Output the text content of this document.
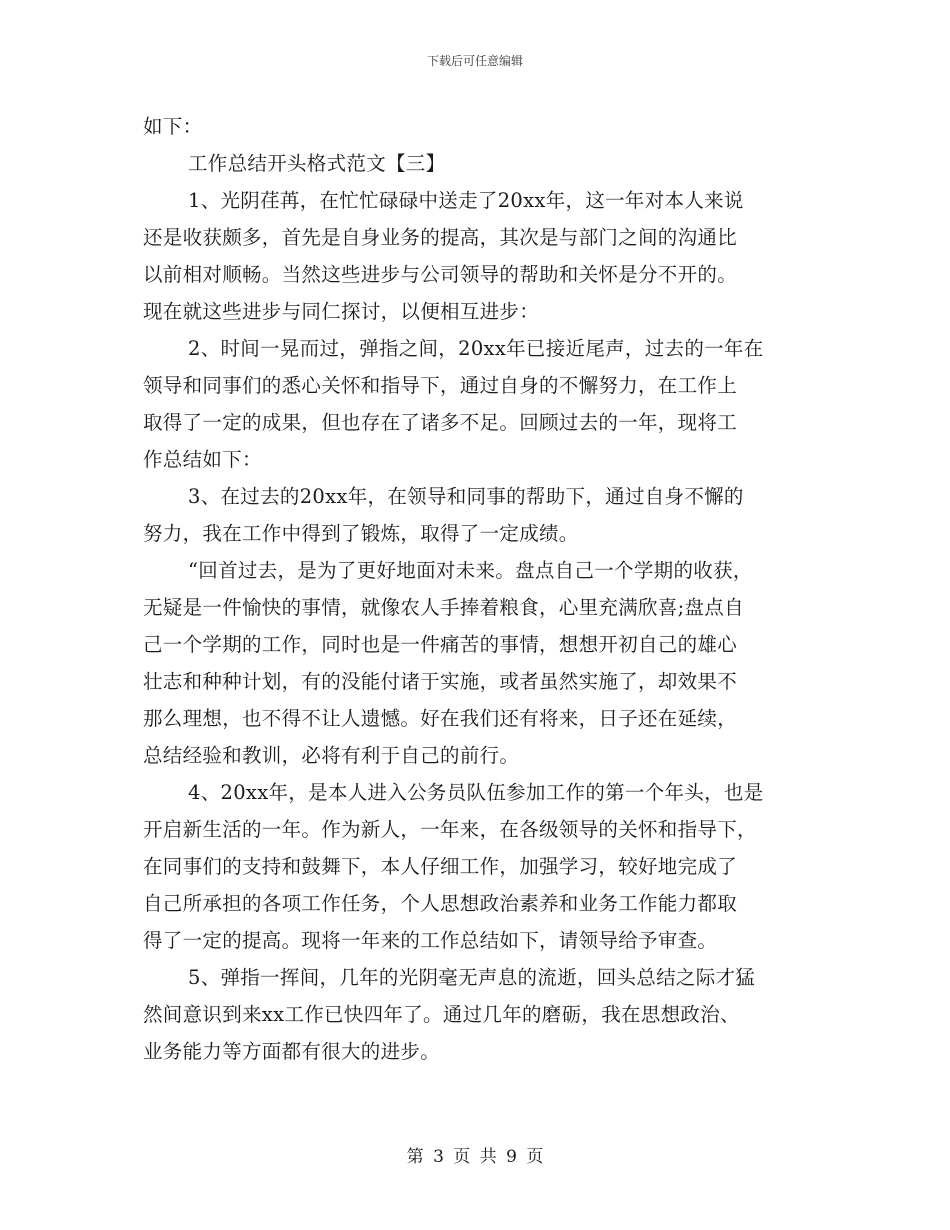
下载后可任意编辑
如下：
工作总结开头格式范文【三】
1、光阴荏苒，在忙忙碌碌中送走了20xx年，这一年对本人来说
还是收获颇多，首先是自身业务的提高，其次是与部门之间的沟通比
以前相对顺畅。当然这些进步与公司领导的帮助和关怀是分不开的。
现在就这些进步与同仁探讨，以便相互进步：
2、时间一晃而过，弹指之间，20xx年已接近尾声，过去的一年在
领导和同事们的悉心关怀和指导下，通过自身的不懈努力，在工作上
取得了一定的成果，但也存在了诸多不足。回顾过去的一年，现将工
作总结如下：
3、在过去的20xx年，在领导和同事的帮助下，通过自身不懈的
努力，我在工作中得到了锻炼，取得了一定成绩。
“回首过去，是为了更好地面对未来。盘点自己一个学期的收获，
无疑是一件愉快的事情，就像农人手捧着粮食，心里充满欣喜;盘点自
己一个学期的工作，同时也是一件痛苦的事情，想想开初自己的雄心
壮志和种种计划，有的没能付诸于实施，或者虽然实施了，却效果不
那么理想，也不得不让人遗憾。好在我们还有将来，日子还在延续，
总结经验和教训，必将有利于自己的前行。
4、20xx年，是本人进入公务员队伍参加工作的第一个年头，也是
开启新生活的一年。作为新人，一年来，在各级领导的关怀和指导下，
在同事们的支持和鼓舞下，本人仔细工作，加强学习，较好地完成了
自己所承担的各项工作任务，个人思想政治素养和业务工作能力都取
得了一定的提高。现将一年来的工作总结如下，请领导给予审查。
5、弹指一挥间，几年的光阴毫无声息的流逝，回头总结之际才猛
然间意识到来xx工作已快四年了。通过几年的磨砺，我在思想政治、
业务能力等方面都有很大的进步。
第 3 页 共 9 页
